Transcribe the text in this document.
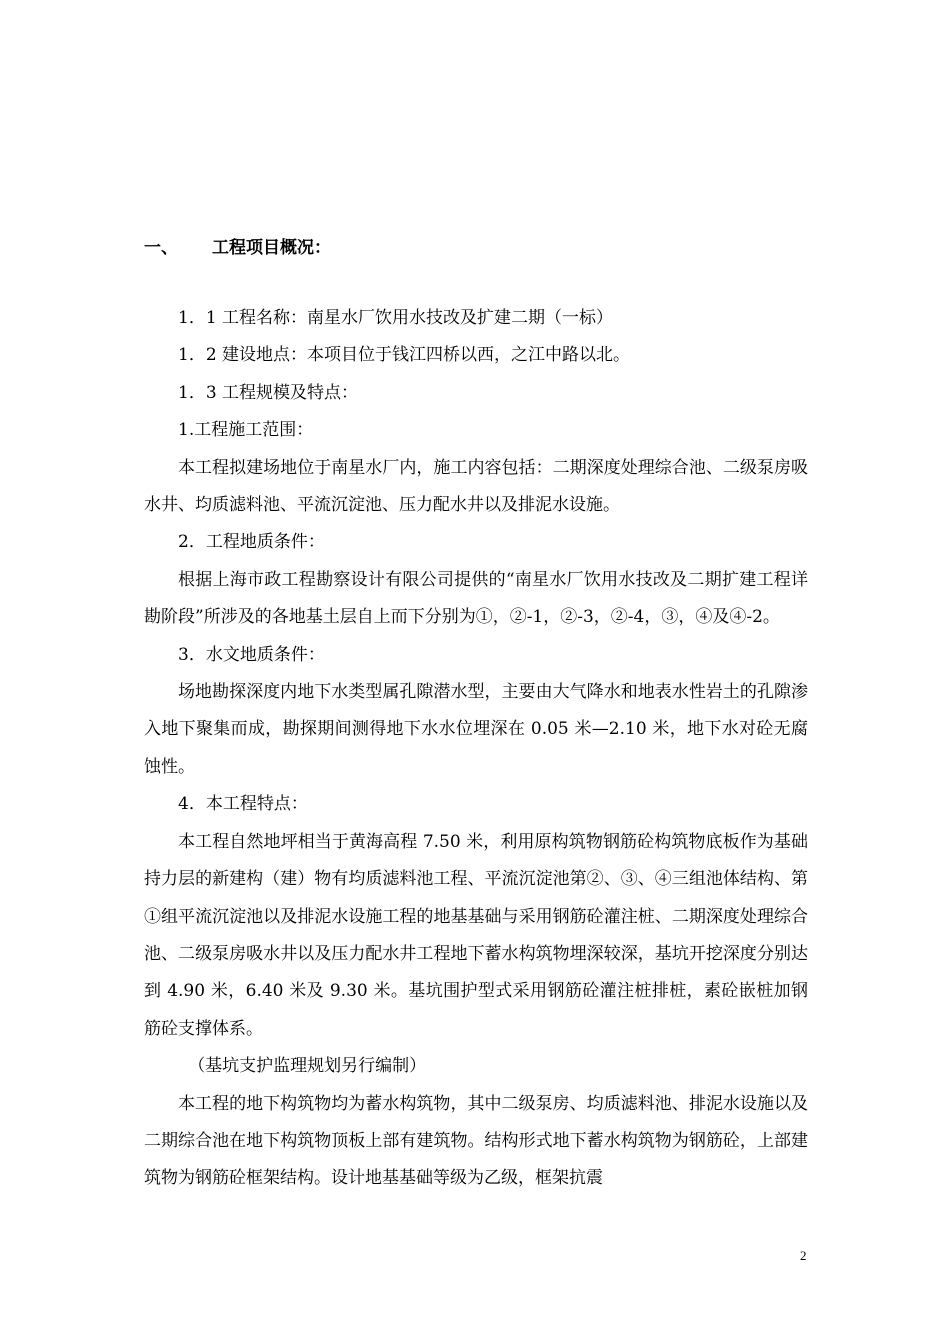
一、 工程项目概况：

1．1 工程名称：南星水厂饮用水技改及扩建二期（一标）

1．2 建设地点：本项目位于钱江四桥以西，之江中路以北。

1．3 工程规模及特点：

1.工程施工范围：

本工程拟建场地位于南星水厂内，施工内容包括：二期深度处理综合池、二级泵房吸水井、均质滤料池、平流沉淀池、压力配水井以及排泥水设施。

2．工程地质条件：

根据上海市政工程勘察设计有限公司提供的“南星水厂饮用水技改及二期扩建工程详勘阶段”所涉及的各地基土层自上而下分别为①，②-1，②-3，②-4，③，④及④-2。

3．水文地质条件：

场地勘探深度内地下水类型属孔隙潜水型，主要由大气降水和地表水性岩土的孔隙渗入地下聚集而成，勘探期间测得地下水水位埋深在 0.05 米—2.10 米，地下水对砼无腐蚀性。

4．本工程特点：

本工程自然地坪相当于黄海高程 7.50 米，利用原构筑物钢筋砼构筑物底板作为基础持力层的新建构（建）物有均质滤料池工程、平流沉淀池第②、③、④三组池体结构、第①组平流沉淀池以及排泥水设施工程的地基基础与采用钢筋砼灌注桩、二期深度处理综合池、二级泵房吸水井以及压力配水井工程地下蓄水构筑物埋深较深，基坑开挖深度分别达到 4.90 米，6.40 米及 9.30 米。基坑围护型式采用钢筋砼灌注桩排桩，素砼嵌桩加钢筋砼支撑体系。

（基坑支护监理规划另行编制）

本工程的地下构筑物均为蓄水构筑物，其中二级泵房、均质滤料池、排泥水设施以及二期综合池在地下构筑物顶板上部有建筑物。结构形式地下蓄水构筑物为钢筋砼，上部建筑物为钢筋砼框架结构。设计地基基础等级为乙级，框架抗震

2
